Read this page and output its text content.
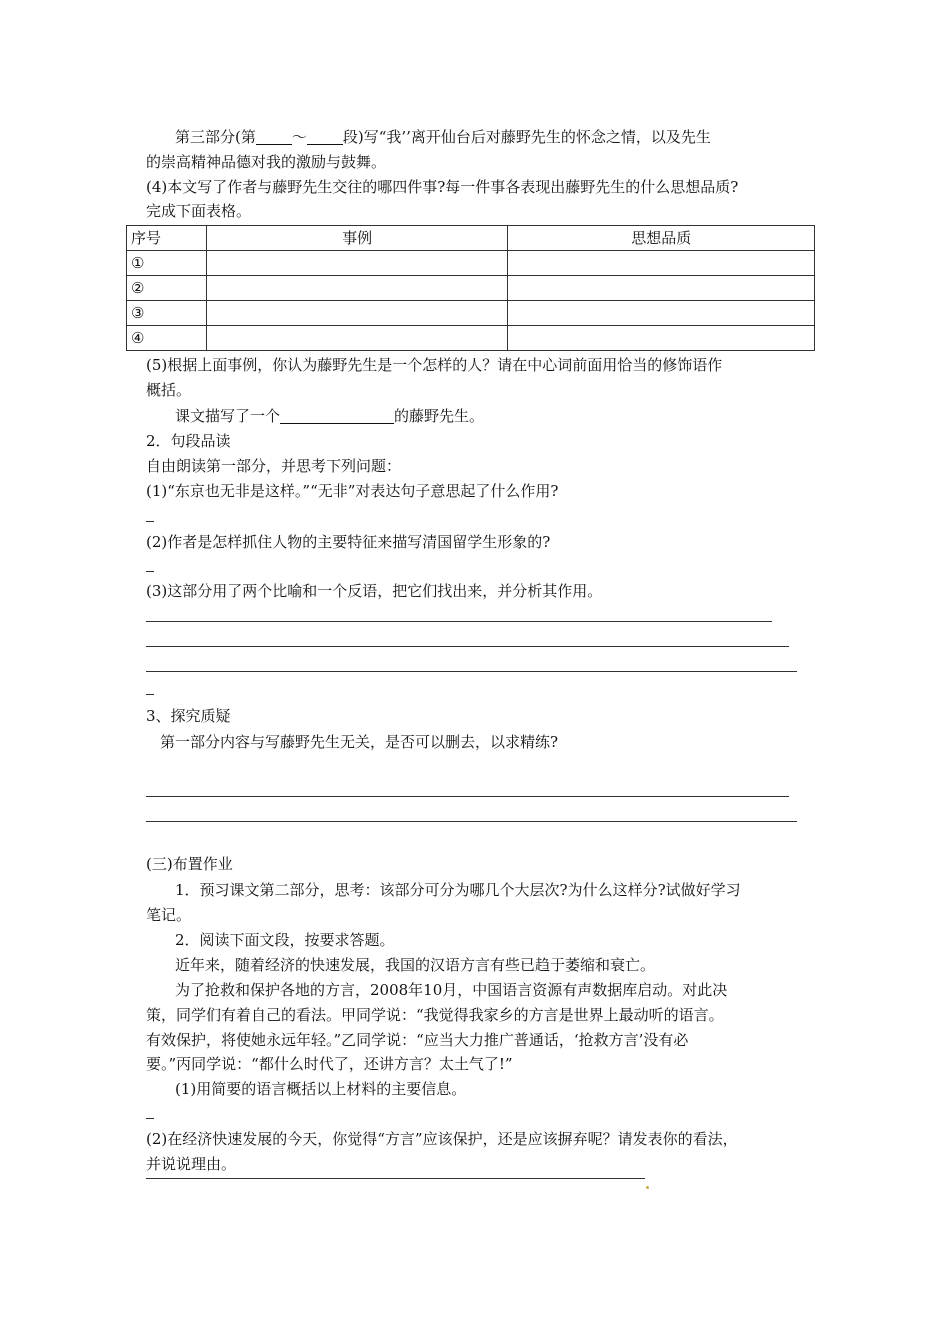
第三部分(第 ～ 段)写“我’’离开仙台后对藤野先生的怀念之情，以及先生
的崇高精神品德对我的激励与鼓舞。
(4)本文写了作者与藤野先生交往的哪四件事?每一件事各表现出藤野先生的什么思想品质?
完成下面表格。
序号	事例	思想品质
①		
②		
③		
④		
(5)根据上面事例，你认为藤野先生是一个怎样的人？请在中心词前面用恰当的修饰语作
概括。
课文描写了一个	的藤野先生。
2．句段品读
自由朗读第一部分，并思考下列问题：
(1)“东京也无非是这样。”“无非”对表达句子意思起了什么作用?
(2)作者是怎样抓住人物的主要特征来描写清国留学生形象的?
(3)这部分用了两个比喻和一个反语，把它们找出来，并分析其作用。
3、探究质疑
第一部分内容与写藤野先生无关，是否可以删去，以求精练?
(三)布置作业
1．预习课文第二部分，思考：该部分可分为哪几个大层次?为什么这样分?试做好学习
笔记。
2．阅读下面文段，按要求答题。
近年来，随着经济的快速发展，我国的汉语方言有些已趋于萎缩和衰亡。
为了抢救和保护各地的方言，2008年10月，中国语言资源有声数据库启动。对此决
策，同学们有着自己的看法。甲同学说：“我觉得我家乡的方言是世界上最动听的语言。
有效保护，将使她永远年轻。”乙同学说：“应当大力推广普通话，‘抢救方言’没有必
要。”丙同学说：“都什么时代了，还讲方言？太土气了!”
(1)用简要的语言概括以上材料的主要信息。
(2)在经济快速发展的今天，你觉得“方言”应该保护，还是应该摒弃呢？请发表你的看法，
并说说理由。
